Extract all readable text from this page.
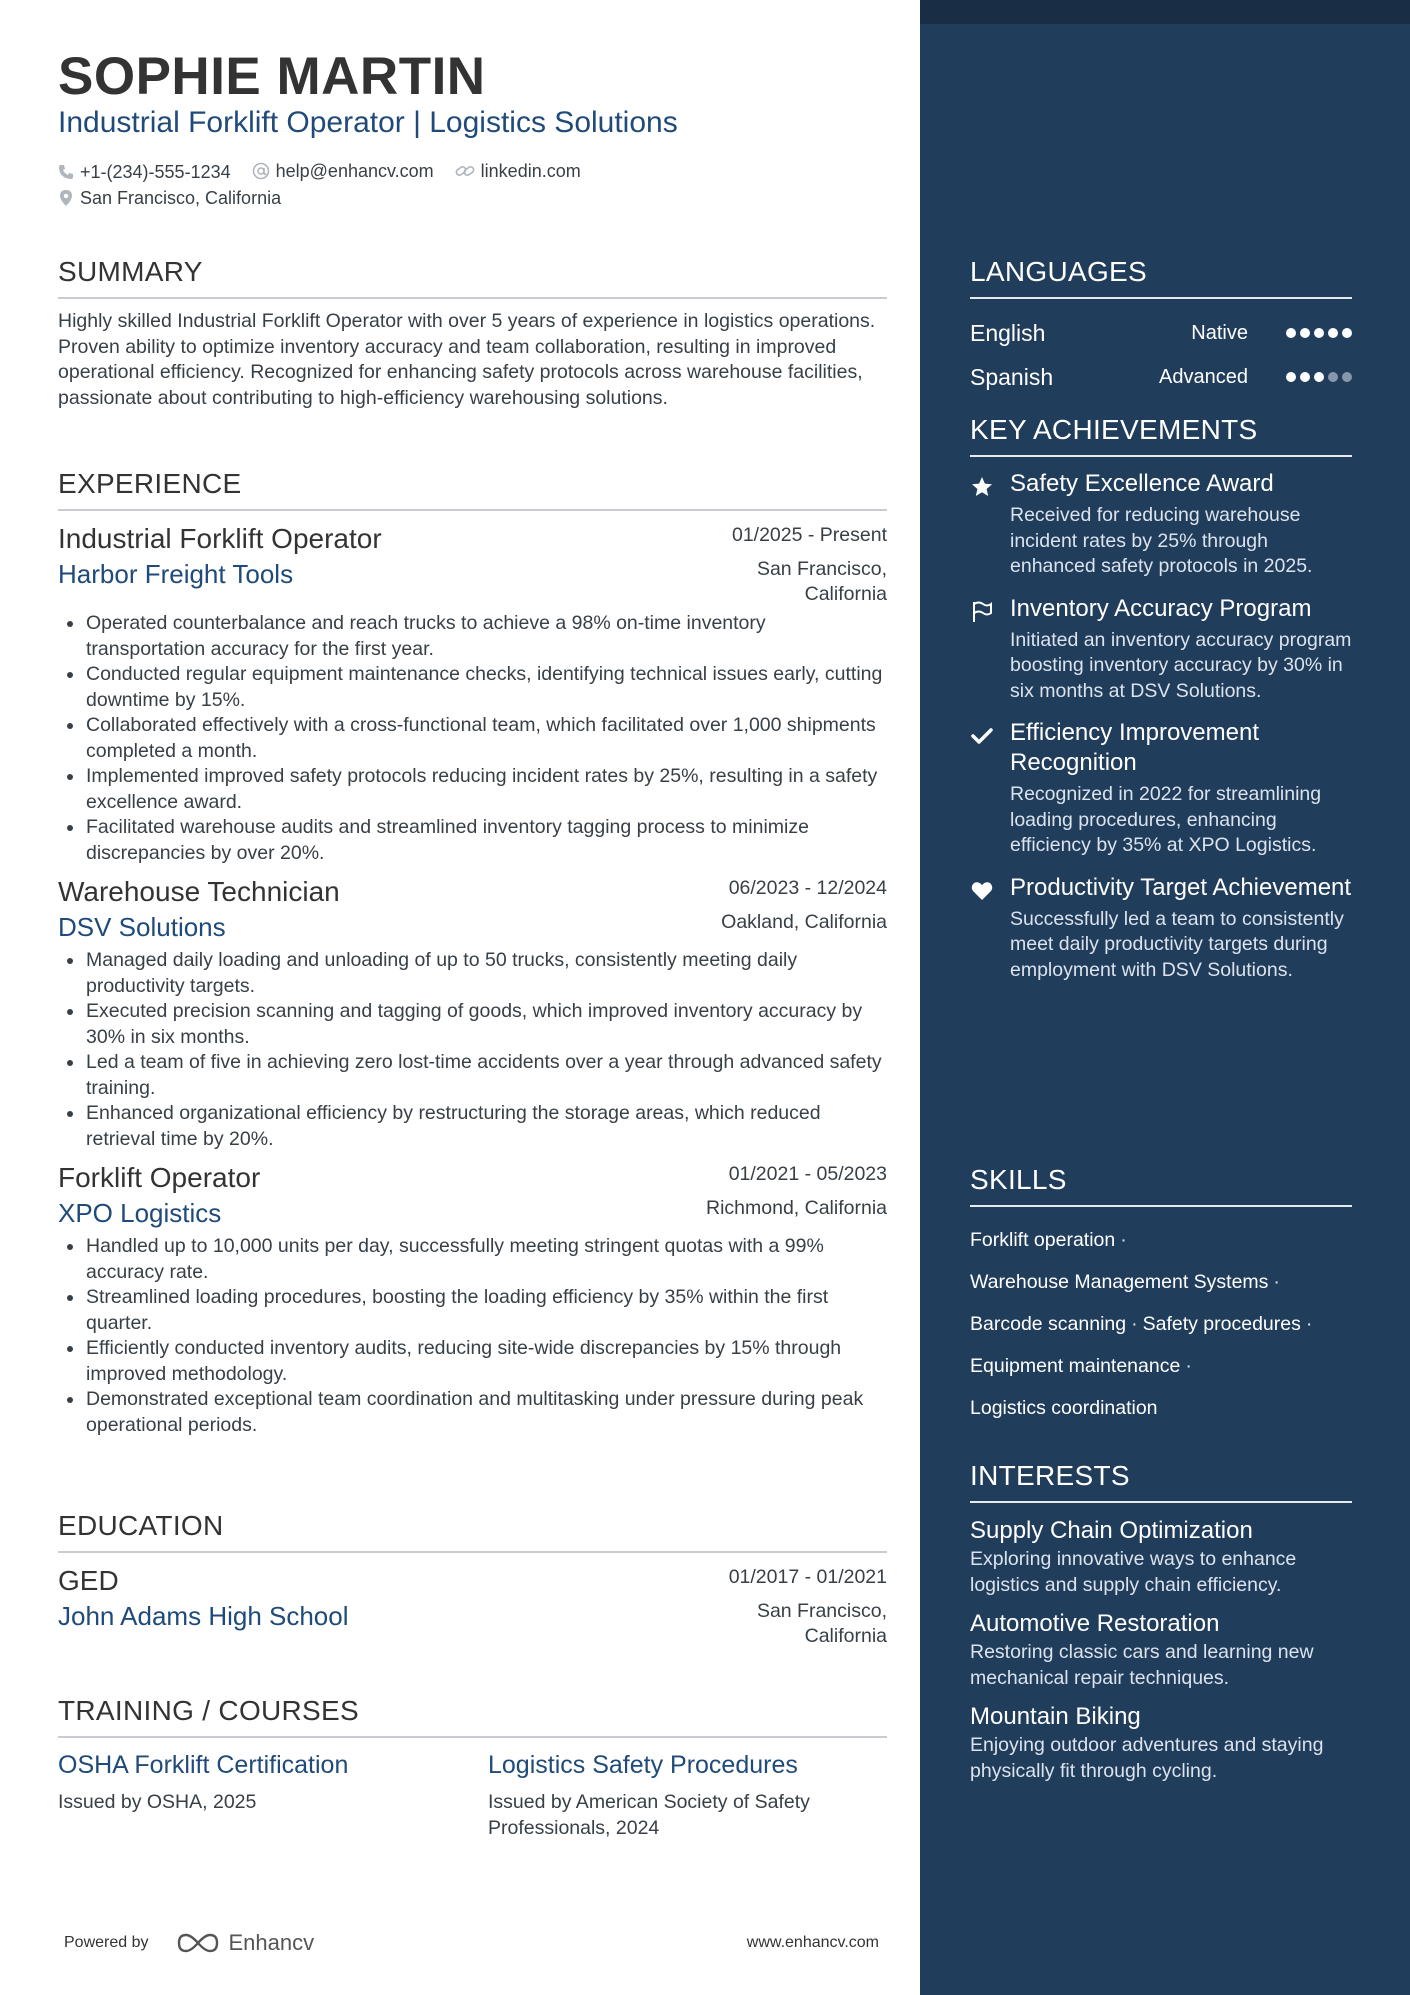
SOPHIE MARTIN
Industrial Forklift Operator | Logistics Solutions
+1-(234)-555-1234
	help@enhancv.com
	linkedin.com
San Francisco, California
SUMMARY
Highly skilled Industrial Forklift Operator with over 5 years of experience in logistics operations. Proven ability to optimize inventory accuracy and team collaboration, resulting in improved operational efficiency. Recognized for enhancing safety protocols across warehouse facilities, passionate about contributing to high-efficiency warehousing solutions.
EXPERIENCE
Industrial Forklift Operator	01/2025 - Present
Harbor Freight Tools	San Francisco, California
Operated counterbalance and reach trucks to achieve a 98% on-time inventory transportation accuracy for the first year.
Conducted regular equipment maintenance checks, identifying technical issues early, cutting downtime by 15%.
Collaborated effectively with a cross-functional team, which facilitated over 1,000 shipments completed a month.
Implemented improved safety protocols reducing incident rates by 25%, resulting in a safety excellence award.
Facilitated warehouse audits and streamlined inventory tagging process to minimize discrepancies by over 20%.
Warehouse Technician	06/2023 - 12/2024
DSV Solutions	Oakland, California
Managed daily loading and unloading of up to 50 trucks, consistently meeting daily productivity targets.
Executed precision scanning and tagging of goods, which improved inventory accuracy by 30% in six months.
Led a team of five in achieving zero lost-time accidents over a year through advanced safety training.
Enhanced organizational efficiency by restructuring the storage areas, which reduced retrieval time by 20%.
Forklift Operator	01/2021 - 05/2023
XPO Logistics	Richmond, California
Handled up to 10,000 units per day, successfully meeting stringent quotas with a 99% accuracy rate.
Streamlined loading procedures, boosting the loading efficiency by 35% within the first quarter.
Efficiently conducted inventory audits, reducing site-wide discrepancies by 15% through improved methodology.
Demonstrated exceptional team coordination and multitasking under pressure during peak operational periods.
EDUCATION
GED	01/2017 - 01/2021
John Adams High School	San Francisco, California
TRAINING / COURSES
OSHA Forklift Certification
Issued by OSHA, 2025
Logistics Safety Procedures
Issued by American Society of Safety Professionals, 2024
Powered by	Enhancv	www.enhancv.com
LANGUAGES
English	Native
Spanish	Advanced
KEY ACHIEVEMENTS
Safety Excellence Award
Received for reducing warehouse incident rates by 25% through enhanced safety protocols in 2025.
Inventory Accuracy Program
Initiated an inventory accuracy program boosting inventory accuracy by 30% in six months at DSV Solutions.
Efficiency Improvement Recognition
Recognized in 2022 for streamlining loading procedures, enhancing efficiency by 35% at XPO Logistics.
Productivity Target Achievement
Successfully led a team to consistently meet daily productivity targets during employment with DSV Solutions.
SKILLS
Forklift operation ·
Warehouse Management Systems ·
Barcode scanning · Safety procedures ·
Equipment maintenance ·
Logistics coordination
INTERESTS
Supply Chain Optimization
Exploring innovative ways to enhance logistics and supply chain efficiency.
Automotive Restoration
Restoring classic cars and learning new mechanical repair techniques.
Mountain Biking
Enjoying outdoor adventures and staying physically fit through cycling.
